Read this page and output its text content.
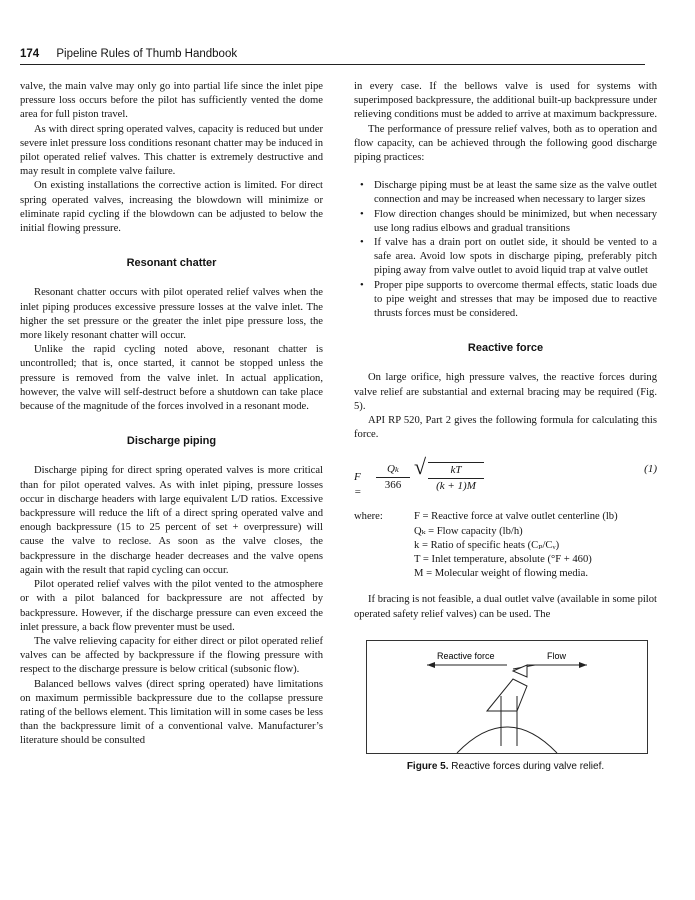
174 Pipeline Rules of Thumb Handbook

valve, the main valve may only go into partial life since the inlet pipe pressure loss occurs before the pilot has sufficiently vented the dome area for full piston travel.

As with direct spring operated valves, capacity is reduced but under severe inlet pressure loss conditions resonant chatter may be induced in pilot operated relief valves. This chatter is extremely destructive and may result in complete valve failure.

On existing installations the corrective action is limited. For direct spring operated valves, increasing the blowdown will minimize or eliminate rapid cycling if the blowdown can be adjusted to below the initial flowing pressure.

Resonant chatter

Resonant chatter occurs with pilot operated relief valves when the inlet piping produces excessive pressure losses at the valve inlet. The higher the set pressure or the greater the inlet pipe pressure loss, the more likely resonant chatter will occur.

Unlike the rapid cycling noted above, resonant chatter is uncontrolled; that is, once started, it cannot be stopped unless the pressure is removed from the valve inlet. In actual application, however, the valve will self-destruct before a shutdown can take place because of the magnitude of the forces involved in a resonant mode.

Discharge piping

Discharge piping for direct spring operated valves is more critical than for pilot operated valves. As with inlet piping, pressure losses occur in discharge headers with large equivalent L/D ratios. Excessive backpressure will reduce the lift of a direct spring operated valve and enough backpressure (15 to 25 percent of set + overpressure) will cause the valve to reclose. As soon as the valve closes, the backpressure in the discharge header decreases and the valve opens again with the result that rapid cycling can occur.

Pilot operated relief valves with the pilot vented to the atmosphere or with a pilot balanced for backpressure are not affected by backpressure. However, if the discharge pressure can even exceed the inlet pressure, a back flow preventer must be used.

The valve relieving capacity for either direct or pilot operated relief valves can be affected by backpressure if the flowing pressure with respect to the discharge pressure is below critical (subsonic flow).

Balanced bellows valves (direct spring operated) have limitations on maximum permissible backpressure due to the collapse pressure rating of the bellows element. This limitation will in some cases be less than the backpressure limit of a conventional valve. Manufacturer’s literature should be consulted

in every case. If the bellows valve is used for systems with superimposed backpressure, the additional built-up backpressure under relieving conditions must be added to arrive at maximum backpressure.

The performance of pressure relief valves, both as to operation and flow capacity, can be achieved through the following good discharge piping practices:

• Discharge piping must be at least the same size as the valve outlet connection and may be increased when necessary to larger sizes
• Flow direction changes should be minimized, but when necessary use long radius elbows and gradual transitions
• If valve has a drain port on outlet side, it should be vented to a safe area. Avoid low spots in discharge piping, preferably pitch piping away from valve outlet to avoid liquid trap at valve outlet
• Proper pipe supports to overcome thermal effects, static loads due to pipe weight and stresses that may be imposed due to reactive thrusts forces must be considered.
Reactive force

On large orifice, high pressure valves, the reactive forces during valve relief are substantial and external bracing may be required (Fig. 5).

API RP 520, Part 2 gives the following formula for calculating this force.

F =
Qₖ
366
√	kT
(k + 1)M
(1)
where:	F = Reactive force at valve outlet centerline (lb)
Qₖ = Flow capacity (lb/h)
k = Ratio of specific heats (Cₚ/Cᵥ)
T = Inlet temperature, absolute (°F + 460)
M = Molecular weight of flowing media.

If bracing is not feasible, a dual outlet valve (available in some pilot operated safety relief valves) can be used. The

Reactive force	Flow
Figure 5. Reactive forces during valve relief.
